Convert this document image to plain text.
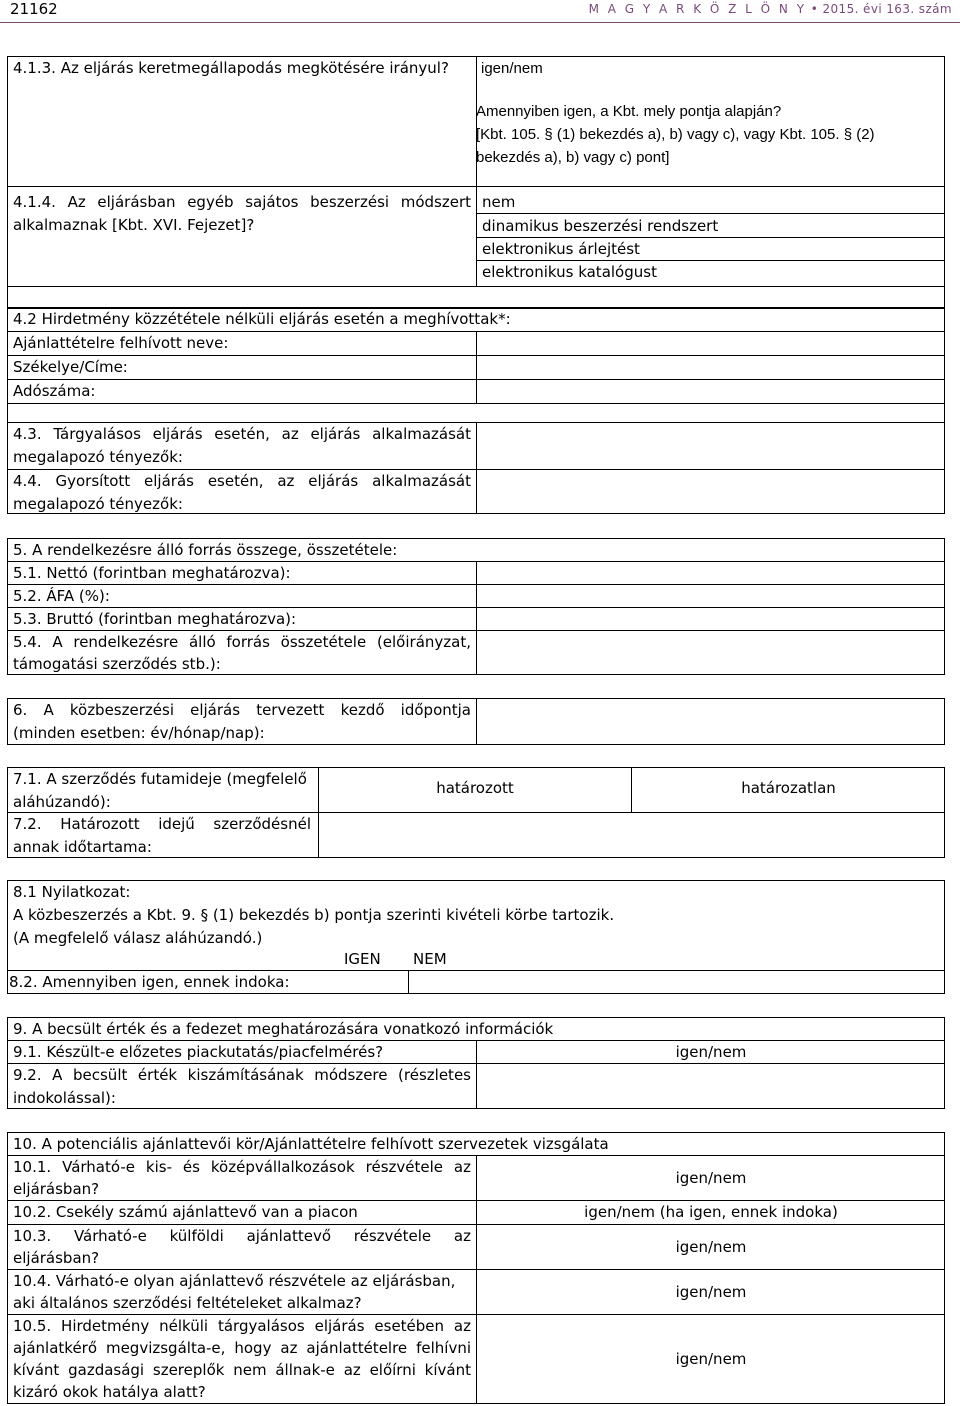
21162	M A G Y A R K Ö Z L Ö N Y • 2015. évi 163. szám
4.1.3. Az eljárás keretmegállapodás megkötésére irányul? igen/nem
Amennyiben igen, a Kbt. mely pontja alapján?
[Kbt. 105. § (1) bekezdés a), b) vagy c), vagy Kbt. 105. § (2)
bekezdés a), b) vagy c) pont]
4.1.4. Az eljárásban egyéb sajátos beszerzési módszert
alkalmaznak [Kbt. XVI. Fejezet]?
nem
dinamikus beszerzési rendszert
elektronikus árlejtést
elektronikus katalógust
4.2 Hirdetmény közzététele nélküli eljárás esetén a meghívottak*:
Ajánlattételre felhívott neve:
Székelye/Címe:
Adószáma:
4.3. Tárgyalásos eljárás esetén, az eljárás alkalmazását
megalapozó tényezők:
4.4. Gyorsított eljárás esetén, az eljárás alkalmazását
megalapozó tényezők:
5. A rendelkezésre álló forrás összege, összetétele:
5.1. Nettó (forintban meghatározva):
5.2. ÁFA (%):
5.3. Bruttó (forintban meghatározva):
5.4. A rendelkezésre álló forrás összetétele (előirányzat,
támogatási szerződés stb.):
6. A közbeszerzési eljárás tervezett kezdő időpontja
(minden esetben: év/hónap/nap):
7.1. A szerződés futamideje (megfelelő
aláhúzandó):
határozott	határozatlan
7.2. Határozott idejű szerződésnél
annak időtartama:
8.1 Nyilatkozat:
A közbeszerzés a Kbt. 9. § (1) bekezdés b) pontja szerinti kivételi körbe tartozik.
(A megfelelő válasz aláhúzandó.)
IGEN NEM
8.2. Amennyiben igen, ennek indoka:
9. A becsült érték és a fedezet meghatározására vonatkozó információk
9.1. Készült-e előzetes piackutatás/piacfelmérés?	igen/nem
9.2. A becsült érték kiszámításának módszere (részletes
indokolással):
10. A potenciális ajánlattevői kör/Ajánlattételre felhívott szervezetek vizsgálata
10.1. Várható-e kis- és középvállalkozások részvétele az
eljárásban?
igen/nem
10.2. Csekély számú ajánlattevő van a piacon	igen/nem (ha igen, ennek indoka)
10.3. Várható-e külföldi ajánlattevő részvétele az
eljárásban?
igen/nem
10.4. Várható-e olyan ajánlattevő részvétele az eljárásban,
aki általános szerződési feltételeket alkalmaz?
igen/nem
10.5. Hirdetmény nélküli tárgyalásos eljárás esetében az
ajánlatkérő megvizsgálta-e, hogy az ajánlattételre felhívni
kívánt gazdasági szereplők nem állnak-e az előírni kívánt
kizáró okok hatálya alatt?
igen/nem
